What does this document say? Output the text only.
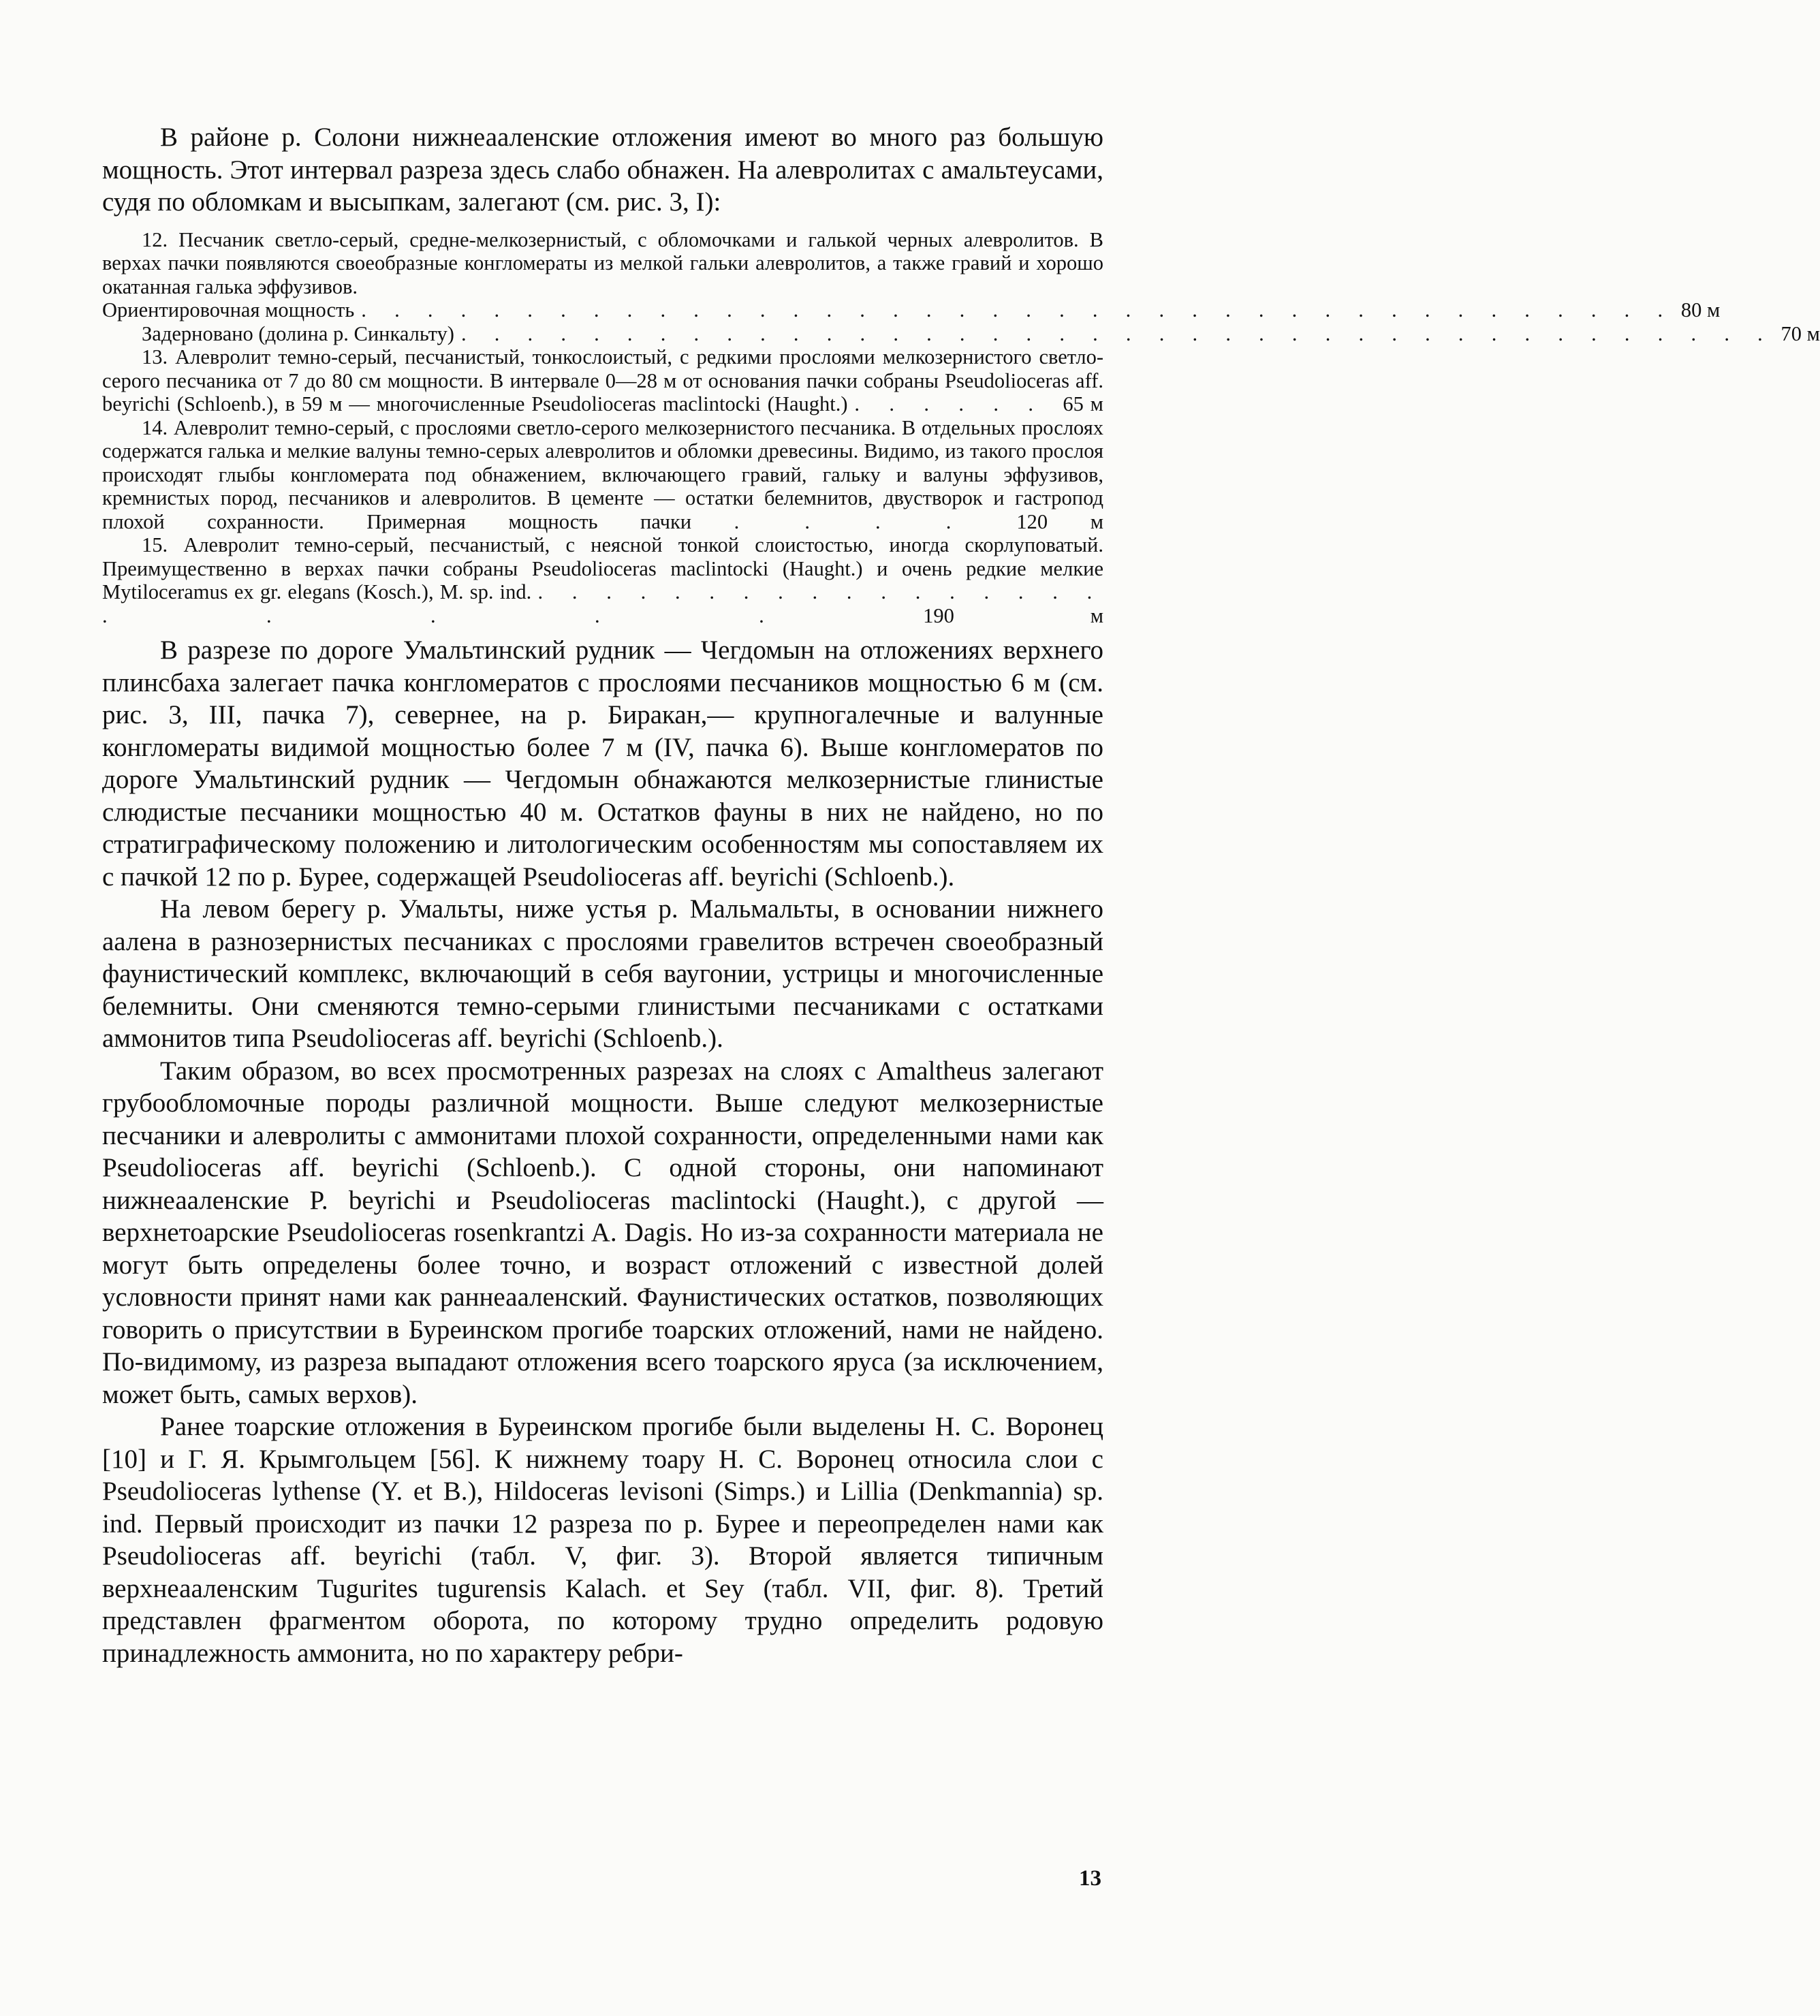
В районе р. Солони нижнеааленские отложения имеют во много раз большую мощность. Этот интервал разреза здесь слабо обнажен. На алевролитах с амальтеусами, судя по обломкам и высыпкам, залегают (см. рис. 3, I):

12. Песчаник светло-серый, средне-мелкозернистый, с обломочками и галькой черных алевролитов. В верхах пачки появляются своеобразные конгломераты из мелкой гальки алевролитов, а также гравий и хорошо окатанная галька эффузивов.

Ориентировочная мощность . . . . . . . . . . . . . . . . . . . . . . . . . . . . . . . . . . . . . . . . 80 м
Задерновано (долина р. Синкальту) . . . . . . . . . . . . . . . . . . . . . . . . . . . . . . . . . . . . . . . . 70 м

13. Алевролит темно-серый, песчанистый, тонкослоистый, с редкими прослоями мелкозернистого светло-серого песчаника от 7 до 80 см мощности. В интервале 0—28 м от основания пачки собраны Pseudolioceras aff. beyrichi (Schloenb.), в 59 м — многочисленные Pseudolioceras maclintocki (Haught.) . . . . . . 65 м

14. Алевролит темно-серый, с прослоями светло-серого мелкозернистого песчаника. В отдельных прослоях содержатся галька и мелкие валуны темно-серых алевролитов и обломки древесины. Видимо, из такого прослоя происходят глыбы конгломерата под обнажением, включающего гравий, гальку и валуны эффузивов, кремнистых пород, песчаников и алевролитов. В цементе — остатки белемнитов, двустворок и гастропод плохой сохранности. Примерная мощность пачки . . . . 120 м

15. Алевролит темно-серый, песчанистый, с неясной тонкой слоистостью, иногда скорлуповатый. Преимущественно в верхах пачки собраны Pseudolioceras maclintocki (Haught.) и очень редкие мелкие Mytiloceramus ex gr. elegans (Kosch.), M. sp. ind. . . . . . . . . . . . . . . . . . . . . . . 190 м

В разрезе по дороге Умальтинский рудник — Чегдомын на отложениях верхнего плинсбаха залегает пачка конгломератов с прослоями песчаников мощностью 6 м (см. рис. 3, III, пачка 7), севернее, на р. Биракан,— крупногалечные и валунные конгломераты видимой мощностью более 7 м (IV, пачка 6). Выше конгломератов по дороге Умальтинский рудник — Чегдомын обнажаются мелкозернистые глинистые слюдистые песчаники мощностью 40 м. Остатков фауны в них не найдено, но по стратиграфическому положению и литологическим особенностям мы сопоставляем их с пачкой 12 по р. Бурее, содержащей Pseudolioceras aff. beyrichi (Schloenb.).

На левом берегу р. Умальты, ниже устья р. Мальмальты, в основании нижнего аалена в разнозернистых песчаниках с прослоями гравелитов встречен своеобразный фаунистический комплекс, включающий в себя ваугонии, устрицы и многочисленные белемниты. Они сменяются темно-серыми глинистыми песчаниками с остатками аммонитов типа Pseudolioceras aff. beyrichi (Schloenb.).

Таким образом, во всех просмотренных разрезах на слоях с Amaltheus залегают грубообломочные породы различной мощности. Выше следуют мелкозернистые песчаники и алевролиты с аммонитами плохой сохранности, определенными нами как Pseudolioceras aff. beyrichi (Schloenb.). С одной стороны, они напоминают нижнеааленские P. beyrichi и Pseudolioceras maclintocki (Haught.), с другой — верхнетоарские Pseudolioceras rosenkrantzi A. Dagis. Но из-за сохранности материала не могут быть определены более точно, и возраст отложений с известной долей условности принят нами как раннеааленский. Фаунистических остатков, позволяющих говорить о присутствии в Буреинском прогибе тоарских отложений, нами не найдено. По-видимому, из разреза выпадают отложения всего тоарского яруса (за исключением, может быть, самых верхов).

Ранее тоарские отложения в Буреинском прогибе были выделены Н. С. Воронец [10] и Г. Я. Крымгольцем [56]. К нижнему тоару Н. С. Воронец относила слои с Pseudolioceras lythense (Y. et B.), Hildoceras levisoni (Simps.) и Lillia (Denkmannia) sp. ind. Первый происходит из пачки 12 разреза по р. Бурее и переопределен нами как Pseudolioceras aff. beyrichi (табл. V, фиг. 3). Второй является типичным верхнеааленским Tugurites tugurensis Kalach. et Sey (табл. VII, фиг. 8). Третий представлен фрагментом оборота, по которому трудно определить родовую принадлежность аммонита, но по характеру ребри-

13
